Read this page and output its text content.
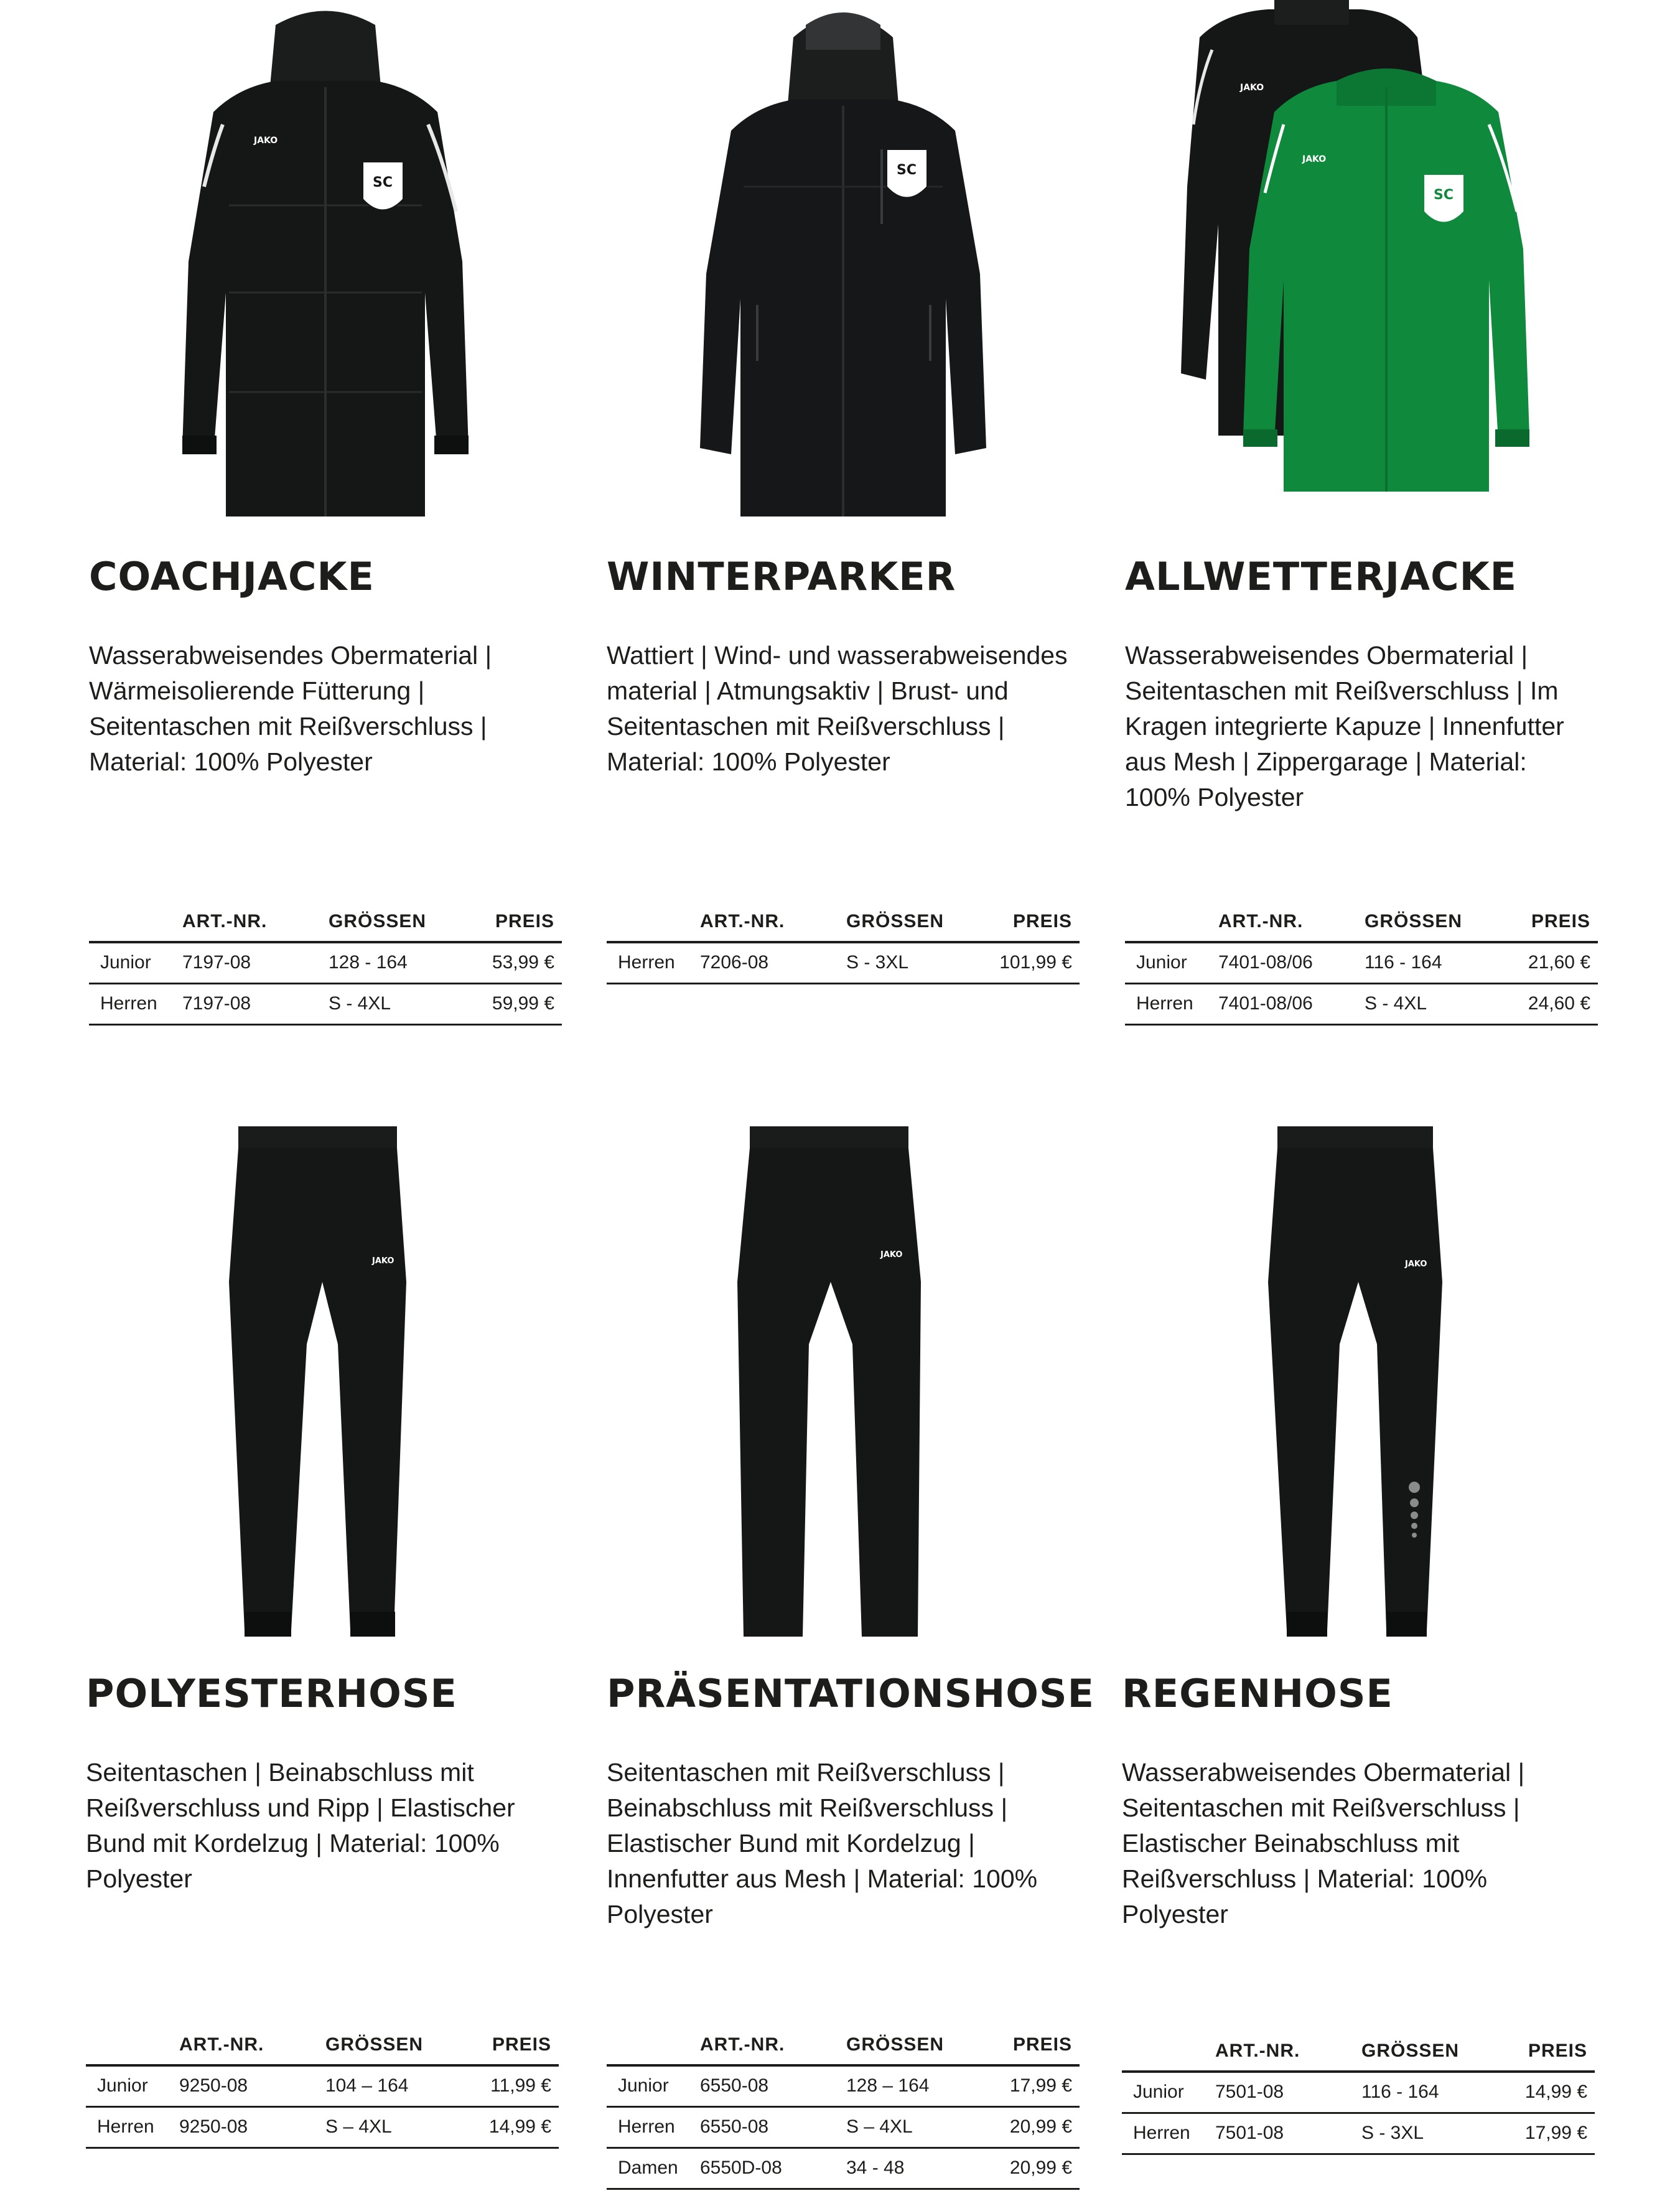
SC
JAKO
COACHJACKE

Wasserabweisendes Obermaterial | Wärmeisolierende Fütterung | Seitentaschen mit Reißverschluss | Material: 100% Polyester

	ART.-NR.	GRÖSSEN	PREIS
Junior	7197-08	128 - 164	53,99 €
Herren	7197-08	S - 4XL	59,99 €
SC
WINTERPARKER

Wattiert | Wind- und wasserabweisendes material | Atmungsaktiv | Brust- und Seitentaschen mit Reißverschluss | Material: 100% Polyester

	ART.-NR.	GRÖSSEN	PREIS
Herren	7206-08	S - 3XL	101,99 €
SC
JAKO
JAKO
ALLWETTERJACKE

Wasserabweisendes Obermaterial | Seitentaschen mit Reißverschluss | Im Kragen integrierte Kapuze | Innenfutter aus Mesh | Zippergarage | Material: 100% Polyester

	ART.-NR.	GRÖSSEN	PREIS
Junior	7401-08/06	116 - 164	21,60 €
Herren	7401-08/06	S - 4XL	24,60 €
JAKO
POLYESTERHOSE

Seitentaschen | Beinabschluss mit Reißverschluss und Ripp | Elastischer Bund mit Kordelzug | Material: 100% Polyester

	ART.-NR.	GRÖSSEN	PREIS
Junior	9250-08	104 – 164	11,99 €
Herren	9250-08	S – 4XL	14,99 €
JAKO
PRÄSENTATIONSHOSE

Seitentaschen mit Reißverschluss | Beinabschluss mit Reißverschluss | Elastischer Bund mit Kordelzug | Innenfutter aus Mesh | Material: 100% Polyester

	ART.-NR.	GRÖSSEN	PREIS
Junior	6550-08	128 – 164	17,99 €
Herren	6550-08	S – 4XL	20,99 €
Damen	6550D-08	34 - 48	20,99 €
JAKO
REGENHOSE

Wasserabweisendes Obermaterial | Seitentaschen mit Reißverschluss | Elastischer Beinabschluss mit Reißverschluss | Material: 100% Polyester

	ART.-NR.	GRÖSSEN	PREIS
Junior	7501-08	116 - 164	14,99 €
Herren	7501-08	S - 3XL	17,99 €
